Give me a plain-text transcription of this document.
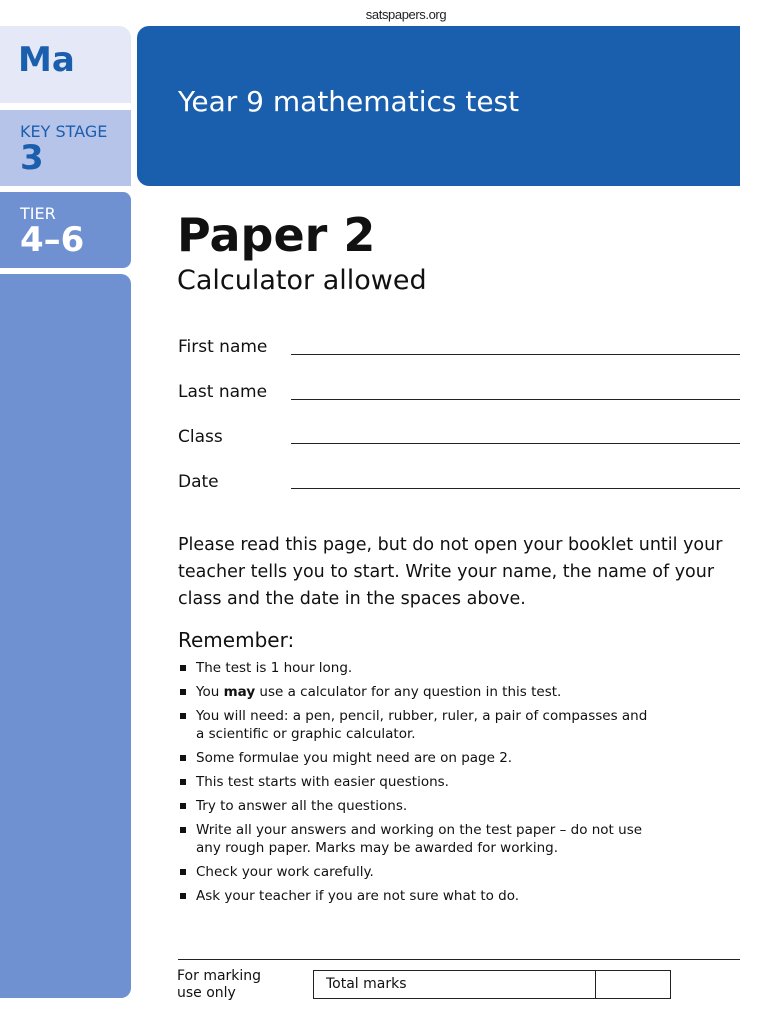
satspapers.org
Ma
KEY STAGE
3
TIER
4–6
Year 9 mathematics test
Paper 2
Calculator allowed
First name
Last name
Class
Date
Please read this page, but do not open your booklet until your teacher tells you to start. Write your name, the name of your class and the date in the spaces above.
Remember:
The test is 1 hour long.
You may use a calculator for any question in this test.
You will need: a pen, pencil, rubber, ruler, a pair of compasses and a scientific or graphic calculator.
Some formulae you might need are on page 2.
This test starts with easier questions.
Try to answer all the questions.
Write all your answers and working on the test paper – do not use any rough paper. Marks may be awarded for working.
Check your work carefully.
Ask your teacher if you are not sure what to do.
For marking
use only
Total marks
